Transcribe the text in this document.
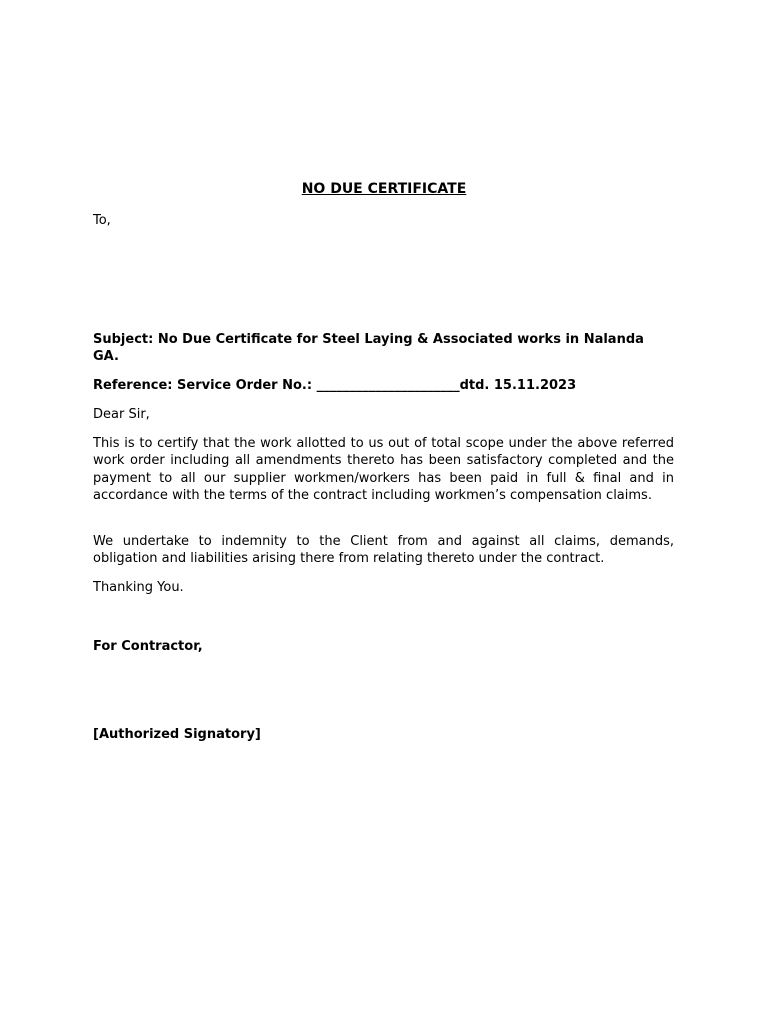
NO DUE CERTIFICATE
To,
Subject: No Due Certificate for Steel Laying & Associated works in Nalanda GA.
Reference: Service Order No.: ______________________dtd. 15.11.2023
Dear Sir,
This is to certify that the work allotted to us out of total scope under the above referred work order including all amendments thereto has been satisfactory completed and the payment to all our supplier workmen/workers has been paid in full & final and in accordance with the terms of the contract including workmen’s compensation claims.
We undertake to indemnity to the Client from and against all claims, demands, obligation and liabilities arising there from relating thereto under the contract.
Thanking You.
For Contractor,
[Authorized Signatory]
